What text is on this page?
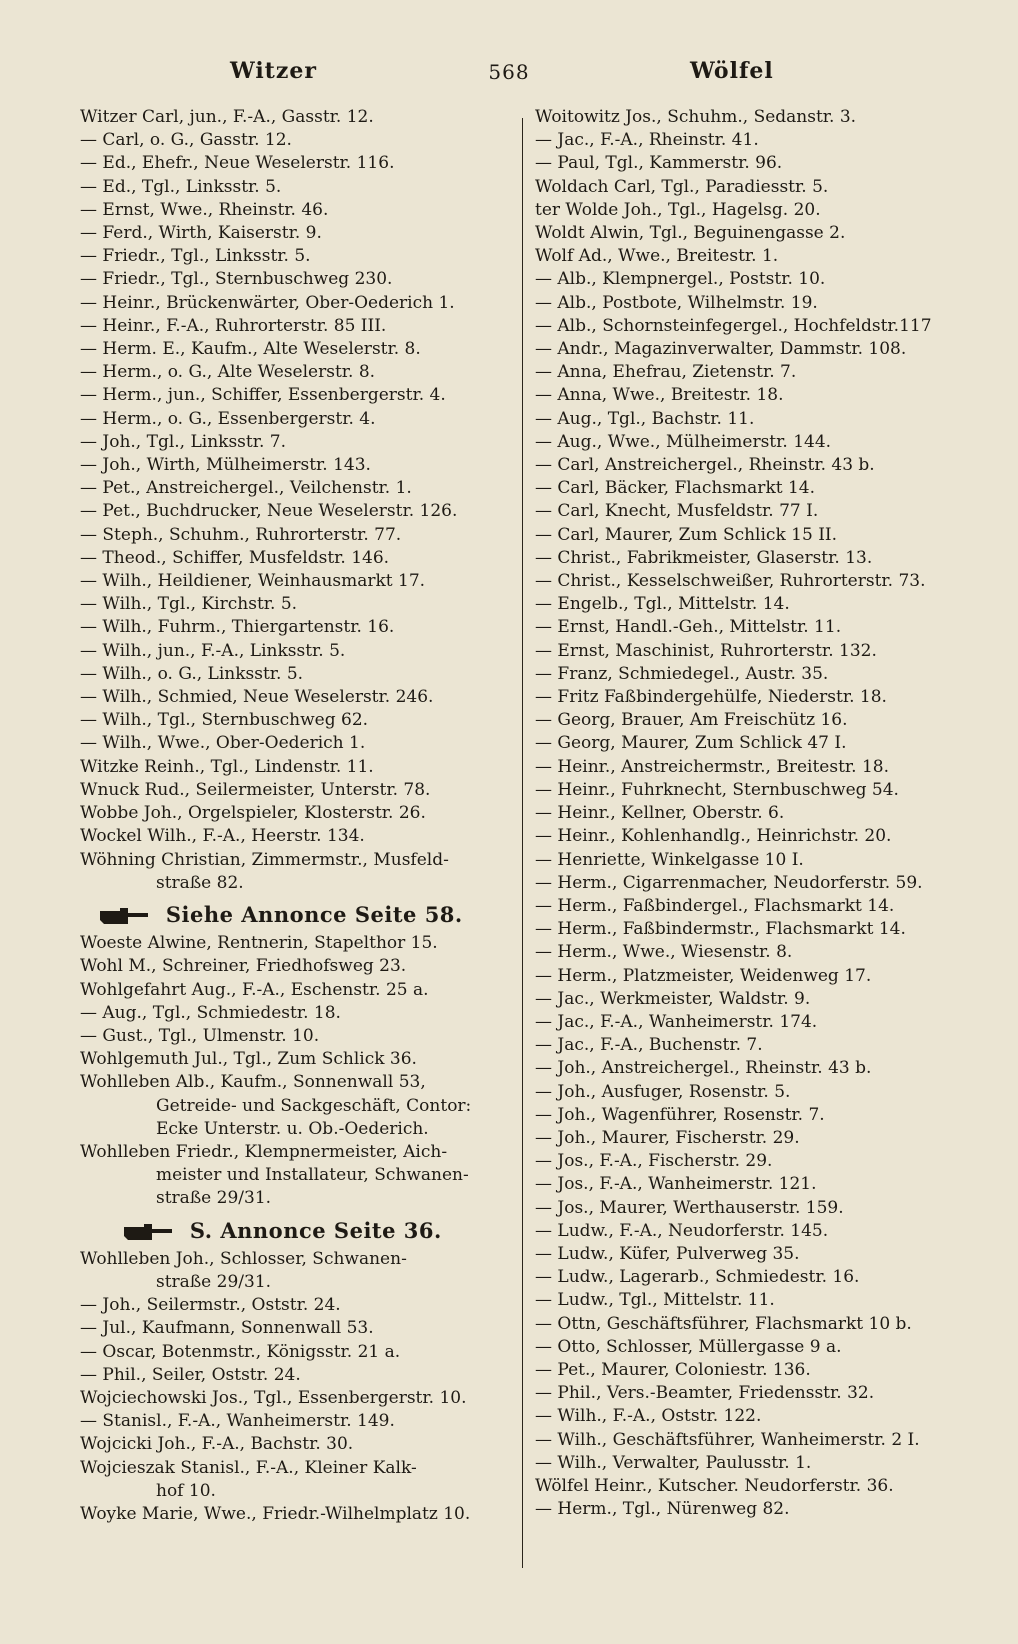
Witzer	568	Wölfel
Witzer Carl, jun., F.-A., Gasstr. 12.
— Carl, o. G., Gasstr. 12.
— Ed., Ehefr., Neue Weselerstr. 116.
— Ed., Tgl., Linksstr. 5.
— Ernst, Wwe., Rheinstr. 46.
— Ferd., Wirth, Kaiserstr. 9.
— Friedr., Tgl., Linksstr. 5.
— Friedr., Tgl., Sternbuschweg 230.
— Heinr., Brückenwärter, Ober-Oederich 1.
— Heinr., F.-A., Ruhrorterstr. 85 III.
— Herm. E., Kaufm., Alte Weselerstr. 8.
— Herm., o. G., Alte Weselerstr. 8.
— Herm., jun., Schiffer, Essenbergerstr. 4.
— Herm., o. G., Essenbergerstr. 4.
— Joh., Tgl., Linksstr. 7.
— Joh., Wirth, Mülheimerstr. 143.
— Pet., Anstreichergel., Veilchenstr. 1.
— Pet., Buchdrucker, Neue Weselerstr. 126.
— Steph., Schuhm., Ruhrorterstr. 77.
— Theod., Schiffer, Musfeldstr. 146.
— Wilh., Heildiener, Weinhausmarkt 17.
— Wilh., Tgl., Kirchstr. 5.
— Wilh., Fuhrm., Thiergartenstr. 16.
— Wilh., jun., F.-A., Linksstr. 5.
— Wilh., o. G., Linksstr. 5.
— Wilh., Schmied, Neue Weselerstr. 246.
— Wilh., Tgl., Sternbuschweg 62.
— Wilh., Wwe., Ober-Oederich 1.
Witzke Reinh., Tgl., Lindenstr. 11.
Wnuck Rud., Seilermeister, Unterstr. 78.
Wobbe Joh., Orgelspieler, Klosterstr. 26.
Wockel Wilh., F.-A., Heerstr. 134.
Wöhning Christian, Zimmermstr., Musfeld-
straße 82.
Siehe Annonce Seite 58.
Woeste Alwine, Rentnerin, Stapelthor 15.
Wohl M., Schreiner, Friedhofsweg 23.
Wohlgefahrt Aug., F.-A., Eschenstr. 25 a.
— Aug., Tgl., Schmiedestr. 18.
— Gust., Tgl., Ulmenstr. 10.
Wohlgemuth Jul., Tgl., Zum Schlick 36.
Wohlleben Alb., Kaufm., Sonnenwall 53,
Getreide- und Sackgeschäft, Contor:
Ecke Unterstr. u. Ob.-Oederich.
Wohlleben Friedr., Klempnermeister, Aich-
meister und Installateur, Schwanen-
straße 29/31.
S. Annonce Seite 36.
Wohlleben Joh., Schlosser, Schwanen-
straße 29/31.
— Joh., Seilermstr., Oststr. 24.
— Jul., Kaufmann, Sonnenwall 53.
— Oscar, Botenmstr., Königsstr. 21 a.
— Phil., Seiler, Oststr. 24.
Wojciechowski Jos., Tgl., Essenbergerstr. 10.
— Stanisl., F.-A., Wanheimerstr. 149.
Wojcicki Joh., F.-A., Bachstr. 30.
Wojcieszak Stanisl., F.-A., Kleiner Kalk-
hof 10.
Woyke Marie, Wwe., Friedr.-Wilhelmplatz 10.
Woitowitz Jos., Schuhm., Sedanstr. 3.
— Jac., F.-A., Rheinstr. 41.
— Paul, Tgl., Kammerstr. 96.
Woldach Carl, Tgl., Paradiesstr. 5.
ter Wolde Joh., Tgl., Hagelsg. 20.
Woldt Alwin, Tgl., Beguinengasse 2.
Wolf Ad., Wwe., Breitestr. 1.
— Alb., Klempnergel., Poststr. 10.
— Alb., Postbote, Wilhelmstr. 19.
— Alb., Schornsteinfegergel., Hochfeldstr.117
— Andr., Magazinverwalter, Dammstr. 108.
— Anna, Ehefrau, Zietenstr. 7.
— Anna, Wwe., Breitestr. 18.
— Aug., Tgl., Bachstr. 11.
— Aug., Wwe., Mülheimerstr. 144.
— Carl, Anstreichergel., Rheinstr. 43 b.
— Carl, Bäcker, Flachsmarkt 14.
— Carl, Knecht, Musfeldstr. 77 I.
— Carl, Maurer, Zum Schlick 15 II.
— Christ., Fabrikmeister, Glaserstr. 13.
— Christ., Kesselschweißer, Ruhrorterstr. 73.
— Engelb., Tgl., Mittelstr. 14.
— Ernst, Handl.-Geh., Mittelstr. 11.
— Ernst, Maschinist, Ruhrorterstr. 132.
— Franz, Schmiedegel., Austr. 35.
— Fritz Faßbindergehülfe, Niederstr. 18.
— Georg, Brauer, Am Freischütz 16.
— Georg, Maurer, Zum Schlick 47 I.
— Heinr., Anstreichermstr., Breitestr. 18.
— Heinr., Fuhrknecht, Sternbuschweg 54.
— Heinr., Kellner, Oberstr. 6.
— Heinr., Kohlenhandlg., Heinrichstr. 20.
— Henriette, Winkelgasse 10 I.
— Herm., Cigarrenmacher, Neudorferstr. 59.
— Herm., Faßbindergel., Flachsmarkt 14.
— Herm., Faßbindermstr., Flachsmarkt 14.
— Herm., Wwe., Wiesenstr. 8.
— Herm., Platzmeister, Weidenweg 17.
— Jac., Werkmeister, Waldstr. 9.
— Jac., F.-A., Wanheimerstr. 174.
— Jac., F.-A., Buchenstr. 7.
— Joh., Anstreichergel., Rheinstr. 43 b.
— Joh., Ausfuger, Rosenstr. 5.
— Joh., Wagenführer, Rosenstr. 7.
— Joh., Maurer, Fischerstr. 29.
— Jos., F.-A., Fischerstr. 29.
— Jos., F.-A., Wanheimerstr. 121.
— Jos., Maurer, Werthauserstr. 159.
— Ludw., F.-A., Neudorferstr. 145.
— Ludw., Küfer, Pulverweg 35.
— Ludw., Lagerarb., Schmiedestr. 16.
— Ludw., Tgl., Mittelstr. 11.
— Ottn, Geschäftsführer, Flachsmarkt 10 b.
— Otto, Schlosser, Müllergasse 9 a.
— Pet., Maurer, Coloniestr. 136.
— Phil., Vers.-Beamter, Friedensstr. 32.
— Wilh., F.-A., Oststr. 122.
— Wilh., Geschäftsführer, Wanheimerstr. 2 I.
— Wilh., Verwalter, Paulusstr. 1.
Wölfel Heinr., Kutscher. Neudorferstr. 36.
— Herm., Tgl., Nürenweg 82.
